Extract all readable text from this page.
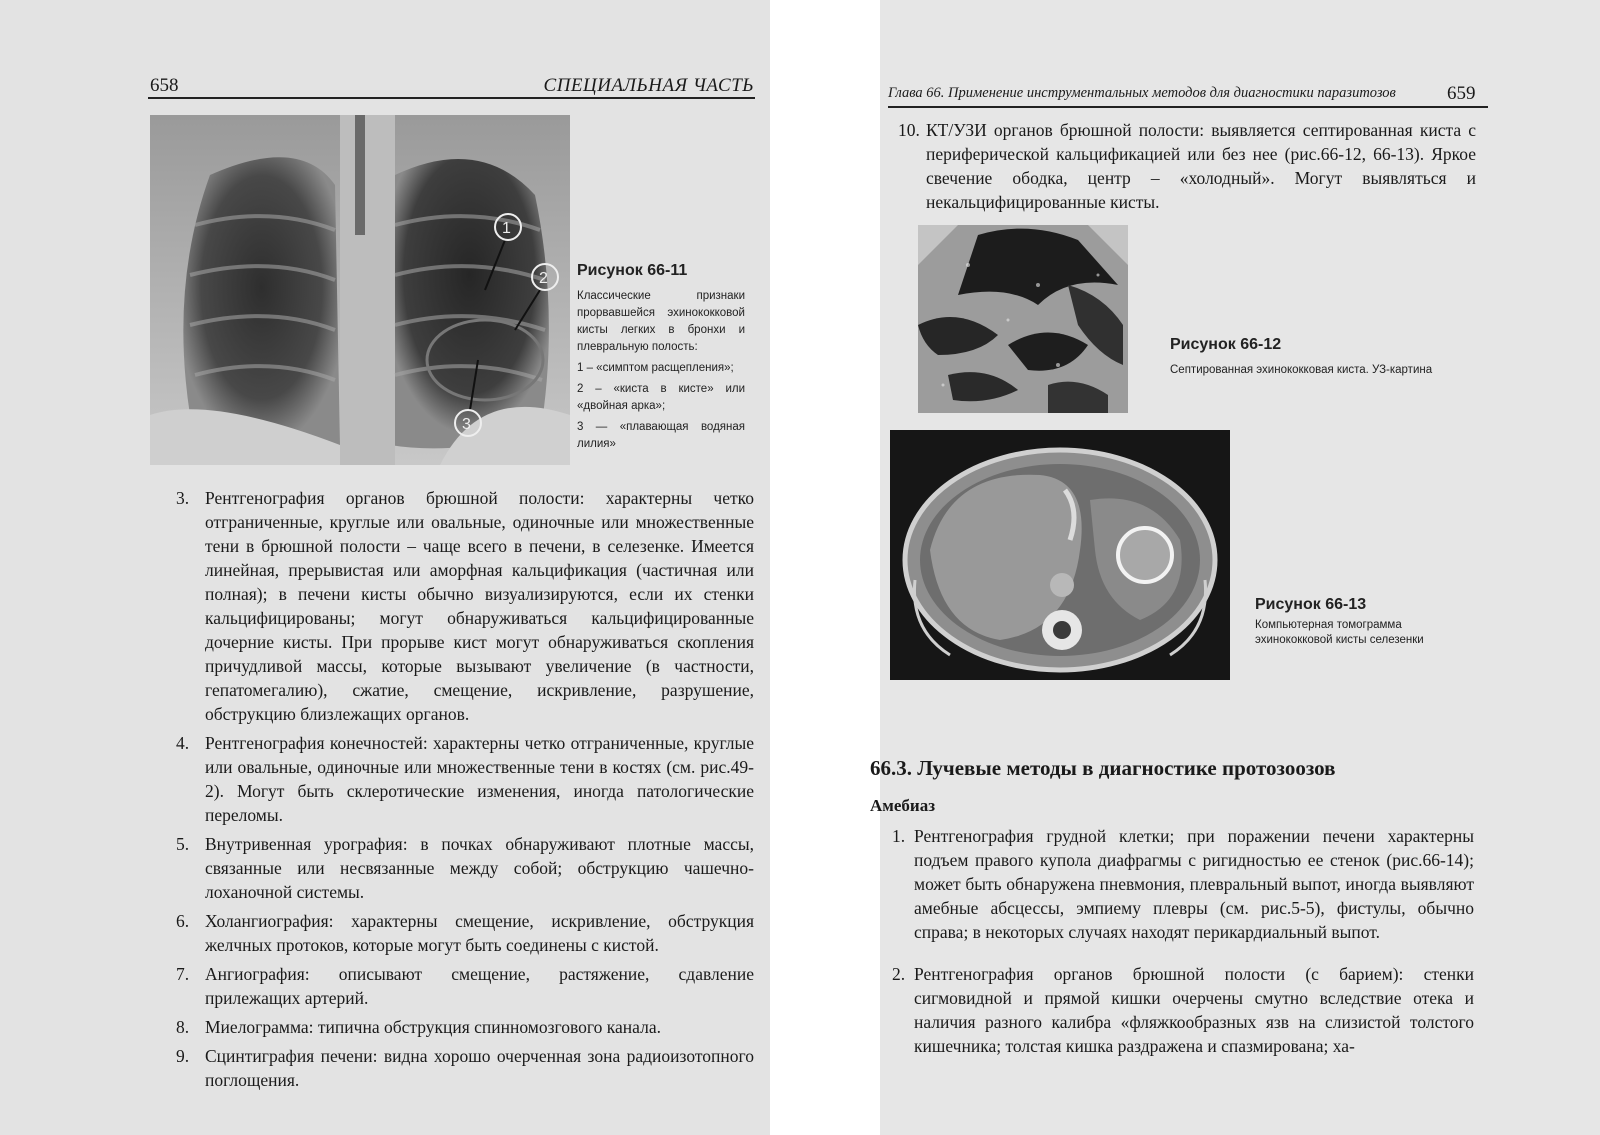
658	СПЕЦИАЛЬНАЯ ЧАСТЬ
1
2
3

Рисунок 66-11

Классические признаки прорвавшейся эхинококковой кисты легких в бронхи и плевральную полость:

1 – «симптом расщепления»;
2 – «киста в кисте» или «двойная арка»;
3 — «плавающая водяная лилия»
3. Рентгенография органов брюшной полости: характерны четко отграниченные, круглые или овальные, одиночные или множественные тени в брюшной полости – чаще всего в печени, в селезенке. Имеется линейная, прерывистая или аморфная кальцификация (частичная или полная); в печени кисты обычно визуализируются, если их стенки кальцифицированы; могут обнаруживаться кальцифицированные дочерние кисты. При прорыве кист могут обнаруживаться скопления причудливой массы, которые вызывают увеличение (в частности, гепатомегалию), сжатие, смещение, искривление, разрушение, обструкцию близлежащих органов.
4. Рентгенография конечностей: характерны четко отграниченные, круглые или овальные, одиночные или множественные тени в костях (см. рис.49-2). Могут быть склеротические изменения, иногда патологические переломы.
5. Внутривенная урография: в почках обнаруживают плотные массы, связанные или несвязанные между собой; обструкцию чашечно-лоханочной системы.
6. Холангиография: характерны смещение, искривление, обструкция желчных протоков, которые могут быть соединены с кистой.
7. Ангиография: описывают смещение, растяжение, сдавление прилежащих артерий.
8. Миелограмма: типична обструкция спинномозгового канала.
9. Сцинтиграфия печени: видна хорошо очерченная зона радиоизотопного поглощения.
Глава 66. Применение инструментальных методов для диагностики паразитозов	659
10. КТ/УЗИ органов брюшной полости: выявляется септированная киста с периферической кальцификацией или без нее (рис.66-12, 66-13). Яркое свечение ободка, центр – «холодный». Могут выявляться и некальцифицированные кисты.

Рисунок 66-12

Септированная эхинококковая киста. УЗ-картина

Рисунок 66-13

Компьютерная томограмма эхинококковой кисты селезенки

66.3. Лучевые методы в диагностике протозоозов
Амебиаз
1. Рентгенография грудной клетки; при поражении печени характерны подъем правого купола диафрагмы с ригидностью ее стенок (рис.66-14); может быть обнаружена пневмония, плевральный выпот, иногда выявляют амебные абсцессы, эмпиему плевры (см. рис.5-5), фистулы, обычно справа; в некоторых случаях находят перикардиальный выпот.
2. Рентгенография органов брюшной полости (с барием): стенки сигмовидной и прямой кишки очерчены смутно вследствие отека и наличия разного калибра «фляжкообразных язв на слизистой толстого кишечника; толстая кишка раздражена и спазмирована; ха-
